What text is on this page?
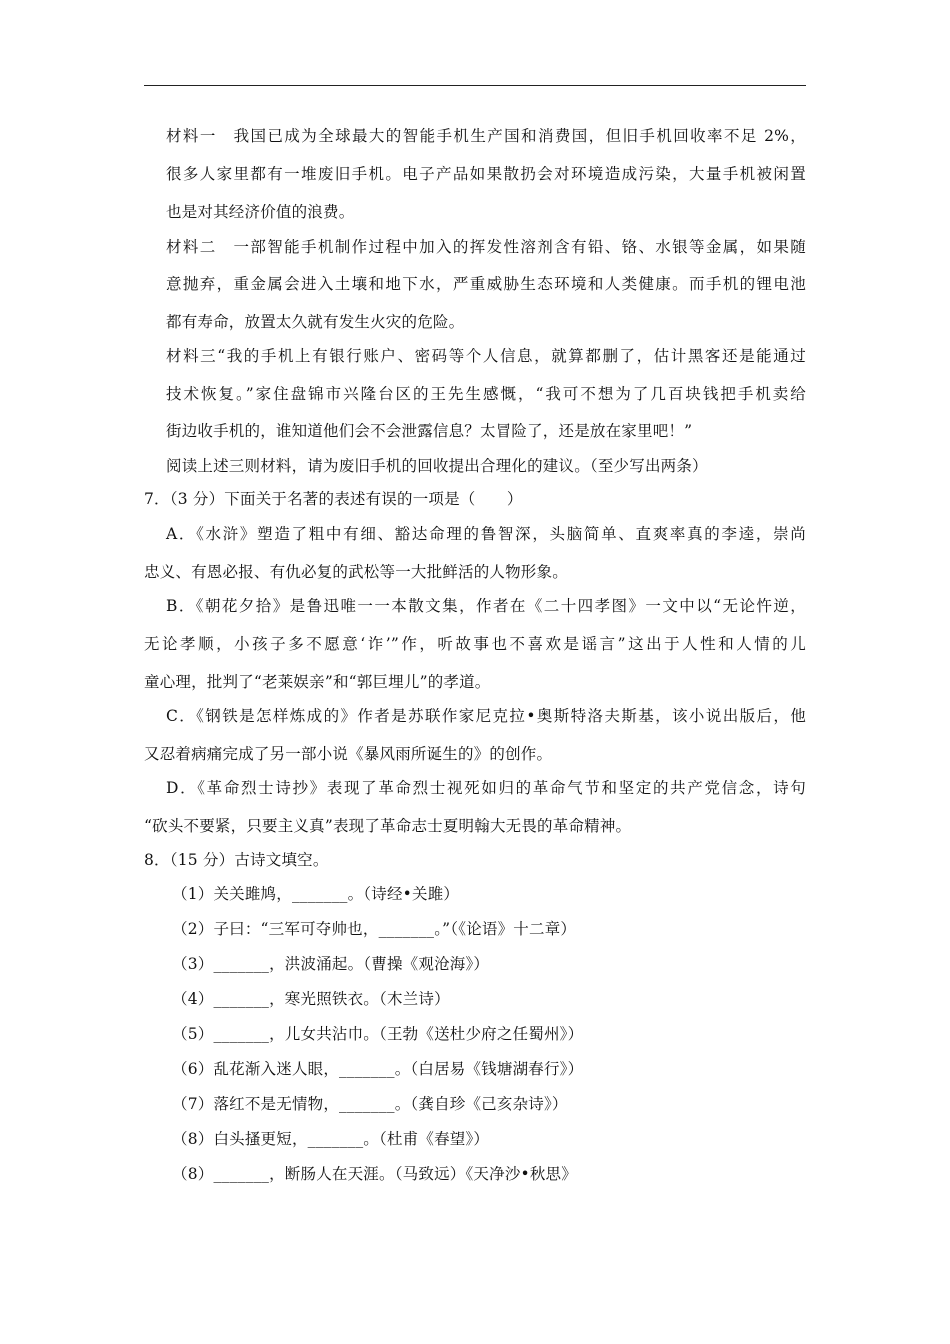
材料一　我国已成为全球最大的智能手机生产国和消费国，但旧手机回收率不足 2%，
很多人家里都有一堆废旧手机。电子产品如果散扔会对环境造成污染，大量手机被闲置
也是对其经济价值的浪费。
材料二　一部智能手机制作过程中加入的挥发性溶剂含有铅、铬、水银等金属，如果随
意抛弃，重金属会进入土壤和地下水，严重威胁生态环境和人类健康。而手机的锂电池
都有寿命，放置太久就有发生火灾的危险。
材料三“我的手机上有银行账户、密码等个人信息，就算都删了，估计黑客还是能通过
技术恢复。”家住盘锦市兴隆台区的王先生感慨，“我可不想为了几百块钱把手机卖给
街边收手机的，谁知道他们会不会泄露信息？太冒险了，还是放在家里吧！”
阅读上述三则材料，请为废旧手机的回收提出合理化的建议。（至少写出两条）
7．（3 分）下面关于名著的表述有误的一项是（　　）
A．《水浒》塑造了粗中有细、豁达命理的鲁智深，头脑简单、直爽率真的李逵，崇尚
忠义、有恩必报、有仇必复的武松等一大批鲜活的人物形象。
B．《朝花夕拾》是鲁迅唯一一本散文集，作者在《二十四孝图》一文中以“无论忤逆，
无论孝顺，小孩子多不愿意‘诈’”作，听故事也不喜欢是谣言”这出于人性和人情的儿
童心理，批判了“老莱娱亲”和“郭巨埋儿”的孝道。
C．《钢铁是怎样炼成的》作者是苏联作家尼克拉•奥斯特洛夫斯基，该小说出版后，他
又忍着病痛完成了另一部小说《暴风雨所诞生的》的创作。
D．《革命烈士诗抄》表现了革命烈士视死如归的革命气节和坚定的共产党信念，诗句
“砍头不要紧，只要主义真”表现了革命志士夏明翰大无畏的革命精神。
8．（15 分）古诗文填空。
（1）关关雎鸠，_______。（诗经•关雎）
（2）子曰：“三军可夺帅也，_______。”（《论语》十二章）
（3）_______，洪波涌起。（曹操《观沧海》）
（4）_______，寒光照铁衣。（木兰诗）
（5）_______，儿女共沾巾。（王勃《送杜少府之任蜀州》）
（6）乱花渐入迷人眼，_______。（白居易《钱塘湖春行》）
（7）落红不是无情物，_______。（龚自珍《己亥杂诗》）
（8）白头搔更短，_______。（杜甫《春望》）
（8）_______，断肠人在天涯。（马致远）《天净沙•秋思》
